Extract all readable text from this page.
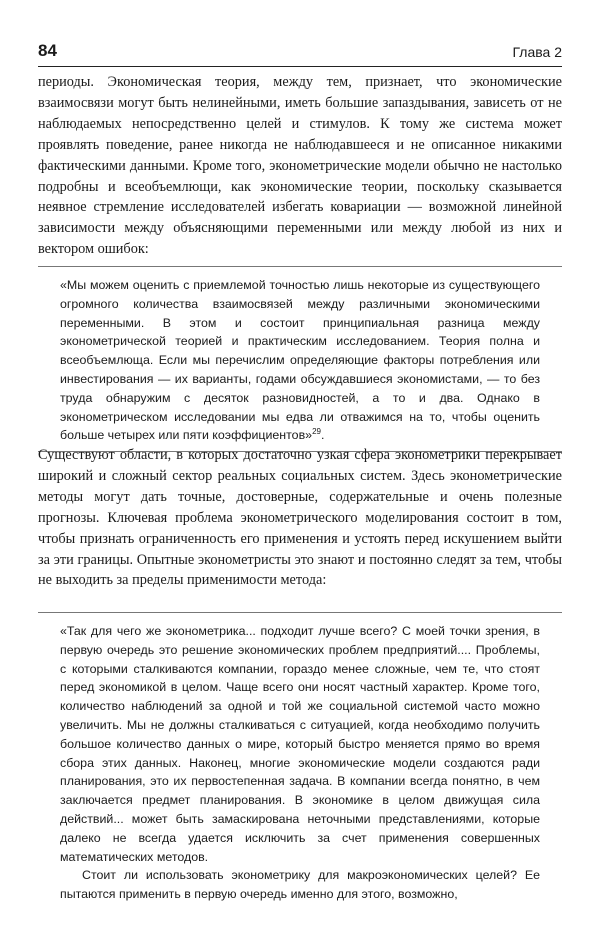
84	Глава 2

периоды. Экономическая теория, между тем, признает, что экономические взаимосвязи могут быть нелинейными, иметь большие запаздывания, зависеть от не наблюдаемых непосредственно целей и стимулов. К тому же система может проявлять поведение, ранее никогда не наблюдавшееся и не описанное никакими фактическими данными. Кроме того, эконометрические модели обычно не настолько подробны и всеобъемлющи, как экономические теории, поскольку сказывается неявное стремление исследователей избегать ковариации — возможной линейной зависимости между объясняющими переменными или между любой из них и вектором ошибок:

«Мы можем оценить с приемлемой точностью лишь некоторые из существующего огромного количества взаимосвязей между различными экономическими переменными. В этом и состоит принципиальная разница между эконометрической теорией и практическим исследованием. Теория полна и всеобъемлюща. Если мы перечислим определяющие факторы потребления или инвестирования — их варианты, годами обсуждавшиеся экономистами, — то без труда обнаружим с десяток разновидностей, а то и два. Однако в эконометрическом исследовании мы едва ли отважимся на то, чтобы оценить больше четырех или пяти коэффициентов»$^{29}$.

Существуют области, в которых достаточно узкая сфера эконометрики перекрывает широкий и сложный сектор реальных социальных систем. Здесь эконометрические методы могут дать точные, достоверные, содержательные и очень полезные прогнозы. Ключевая проблема эконометрического моделирования состоит в том, чтобы признать ограниченность его применения и устоять перед искушением выйти за эти границы. Опытные эконометристы это знают и постоянно следят за тем, чтобы не выходить за пределы применимости метода:

«Так для чего же эконометрика... подходит лучше всего? С моей точки зрения, в первую очередь это решение экономических проблем предприятий.... Проблемы, с которыми сталкиваются компании, гораздо менее сложные, чем те, что стоят перед экономикой в целом. Чаще всего они носят частный характер. Кроме того, количество наблюдений за одной и той же социальной системой часто можно увеличить. Мы не должны сталкиваться с ситуацией, когда необходимо получить большое количество данных о мире, который быстро меняется прямо во время сбора этих данных. Наконец, многие экономические модели создаются ради планирования, это их первостепенная задача. В компании всегда понятно, в чем заключается предмет планирования. В экономике в целом движущая сила действий... может быть замаскирована неточными представлениями, которые далеко не всегда удается исключить за счет применения совершенных математических методов.

Стоит ли использовать эконометрику для макроэкономических целей? Ее пытаются применить в первую очередь именно для этого, возможно,
